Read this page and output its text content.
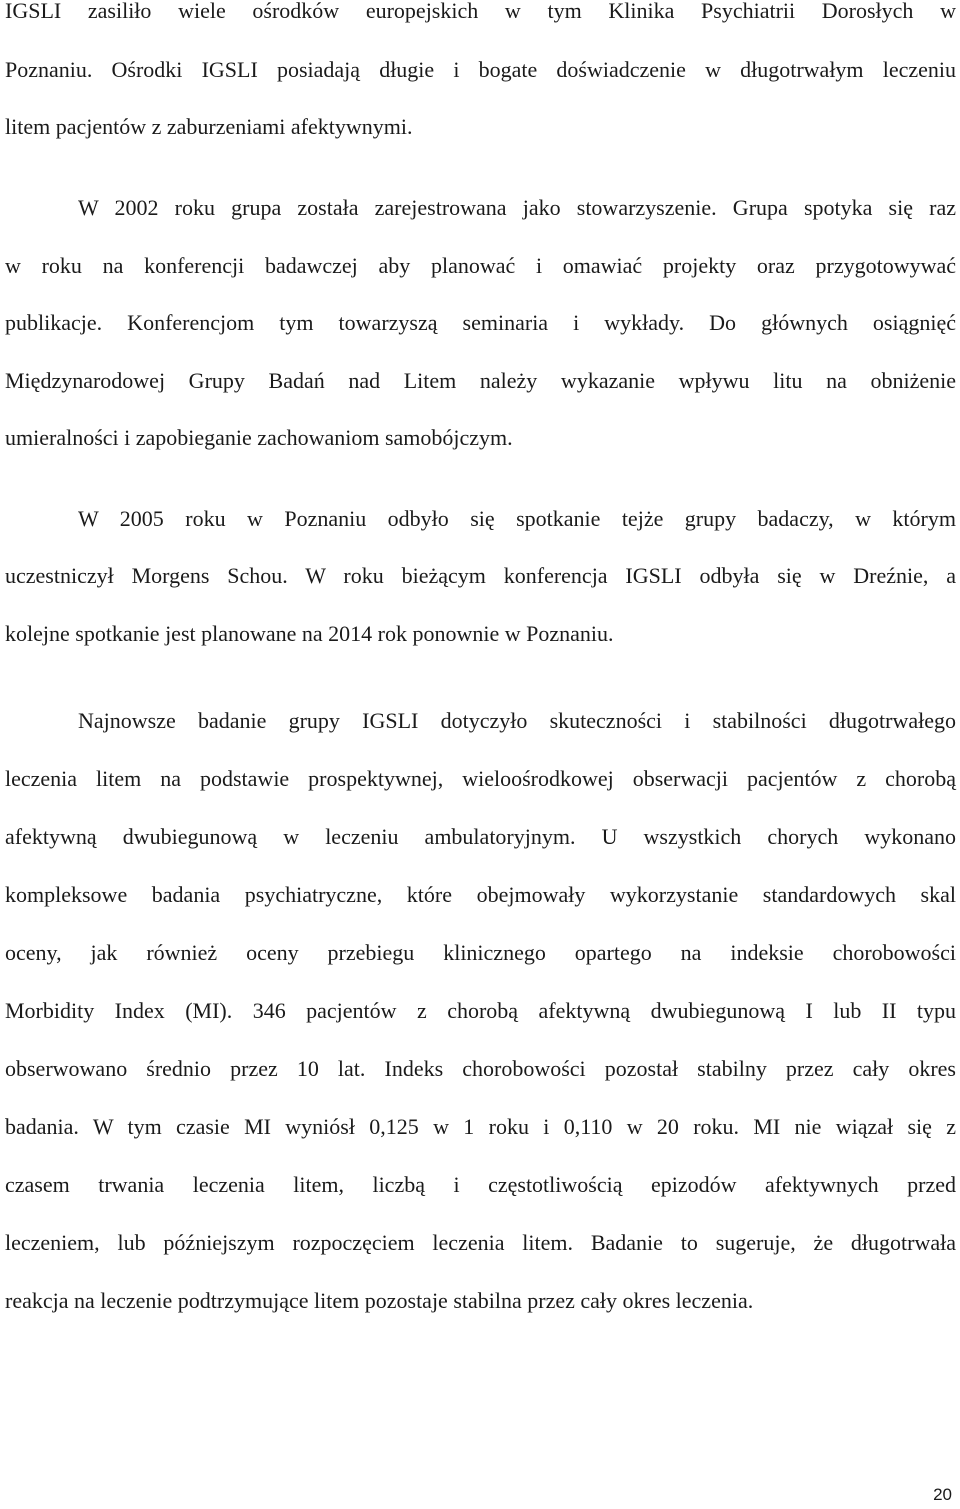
IGSLI zasiliło wiele ośrodków europejskich w tym Klinika Psychiatrii Dorosłych w
Poznaniu. Ośrodki IGSLI posiadają długie i bogate doświadczenie w długotrwałym leczeniu
litem pacjentów z zaburzeniami afektywnymi.
W 2002 roku grupa została zarejestrowana jako stowarzyszenie. Grupa spotyka się raz
w roku na konferencji badawczej aby planować i omawiać projekty oraz przygotowywać
publikacje. Konferencjom tym towarzyszą seminaria i wykłady. Do głównych osiągnięć
Międzynarodowej Grupy Badań nad Litem należy wykazanie wpływu litu na obniżenie
umieralności i zapobieganie zachowaniom samobójczym.
W 2005 roku w Poznaniu odbyło się spotkanie tejże grupy badaczy, w którym
uczestniczył Morgens Schou. W roku bieżącym konferencja IGSLI odbyła się w Dreźnie, a
kolejne spotkanie jest planowane na 2014 rok ponownie w Poznaniu.
Najnowsze badanie grupy IGSLI dotyczyło skuteczności i stabilności długotrwałego
leczenia litem na podstawie prospektywnej, wieloośrodkowej obserwacji pacjentów z chorobą
afektywną dwubiegunową w leczeniu ambulatoryjnym. U wszystkich chorych wykonano
kompleksowe badania psychiatryczne, które obejmowały wykorzystanie standardowych skal
oceny, jak również oceny przebiegu klinicznego opartego na indeksie chorobowości
Morbidity Index (MI). 346 pacjentów z chorobą afektywną dwubiegunową I lub II typu
obserwowano średnio przez 10 lat. Indeks chorobowości pozostał stabilny przez cały okres
badania. W tym czasie MI wyniósł 0,125 w 1 roku i 0,110 w 20 roku. MI nie wiązał się z
czasem trwania leczenia litem, liczbą i częstotliwością epizodów afektywnych przed
leczeniem, lub późniejszym rozpoczęciem leczenia litem. Badanie to sugeruje, że długotrwała
reakcja na leczenie podtrzymujące litem pozostaje stabilna przez cały okres leczenia.
20
